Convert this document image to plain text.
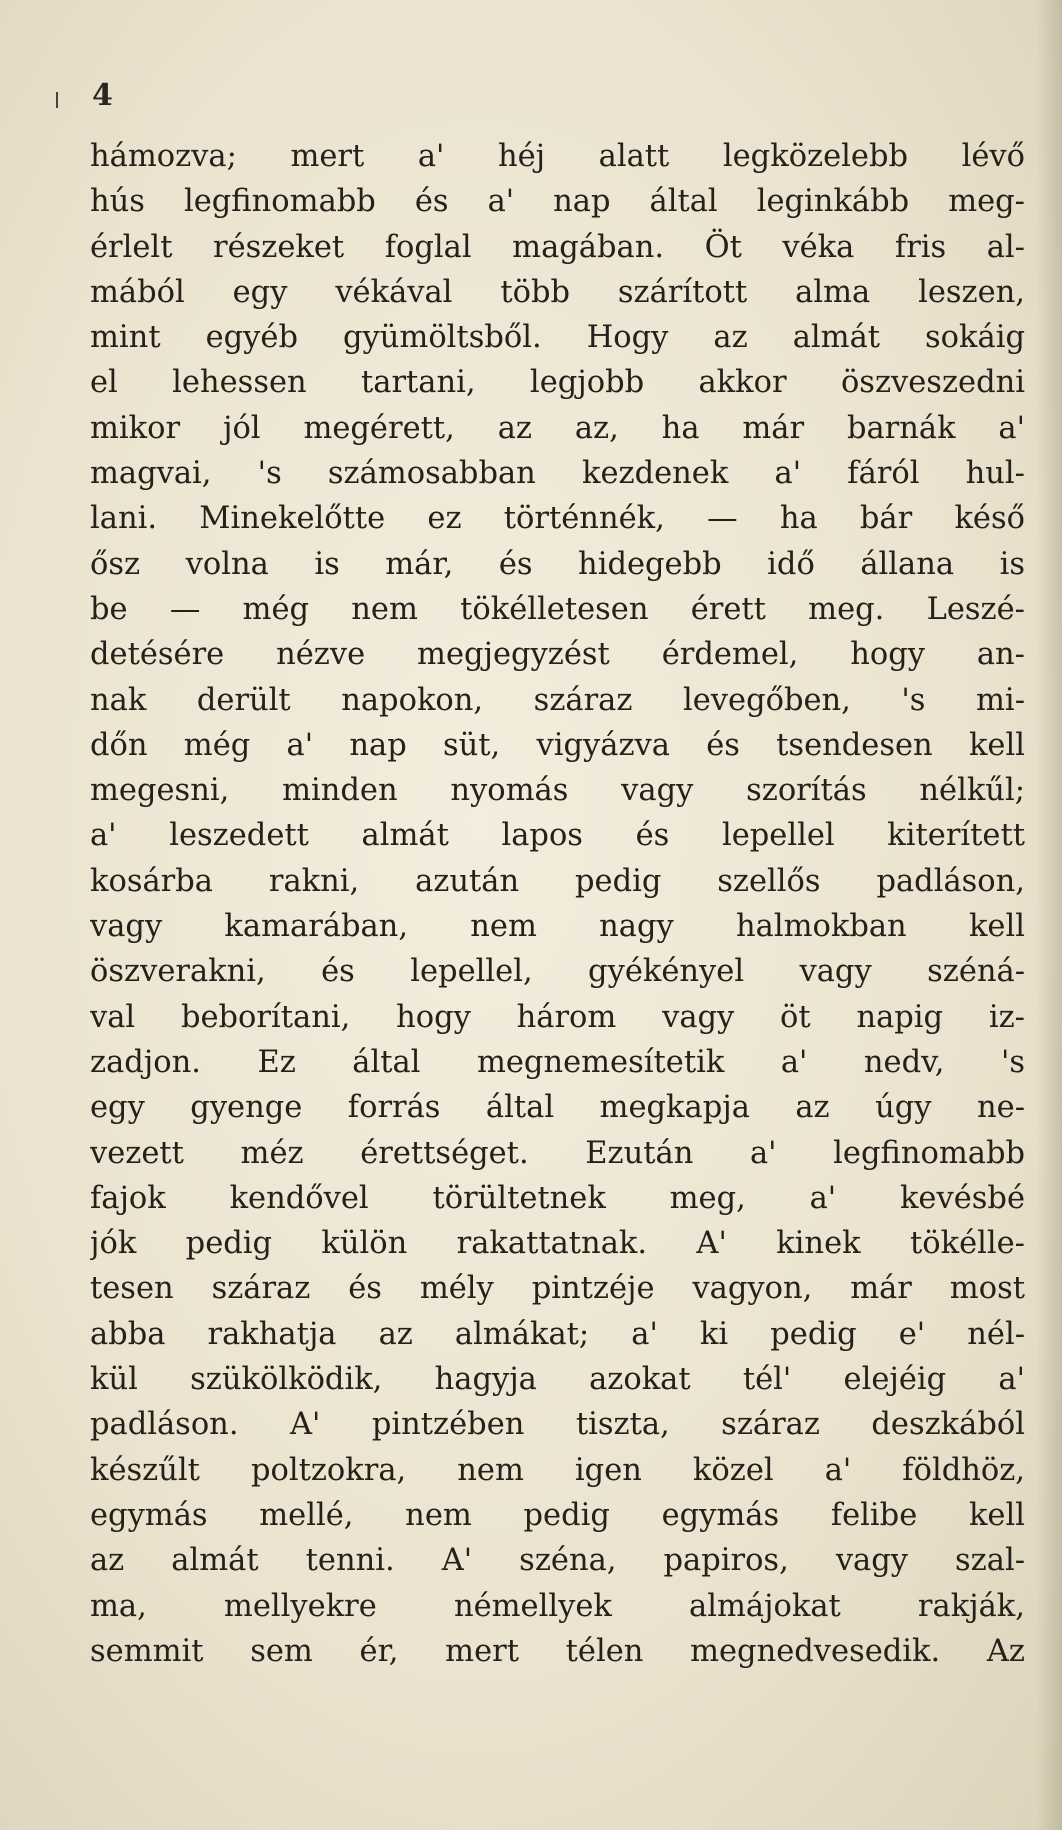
4
hámozva; mert a' héj alatt legközelebb lévő
hús legfinomabb és a' nap által leginkább meg-
érlelt részeket foglal magában. Öt véka fris al-
mából egy vékával több szárított alma leszen,
mint egyéb gyümöltsből. Hogy az almát sokáig
el lehessen tartani, legjobb akkor öszveszedni
mikor jól megérett, az az, ha már barnák a'
magvai, 's számosabban kezdenek a' fáról hul-
lani. Minekelőtte ez történnék, — ha bár késő
ősz volna is már, és hidegebb idő állana is
be — még nem tökélletesen érett meg. Leszé-
detésére nézve megjegyzést érdemel, hogy an-
nak derült napokon, száraz levegőben, 's mi-
dőn még a' nap süt, vigyázva és tsendesen kell
megesni, minden nyomás vagy szorítás nélkűl;
a' leszedett almát lapos és lepellel kiterített
kosárba rakni, azután pedig szellős padláson,
vagy kamarában, nem nagy halmokban kell
öszverakni, és lepellel, gyékényel vagy széná-
val beborítani, hogy három vagy öt napig iz-
zadjon. Ez által megnemesítetik a' nedv, 's
egy gyenge forrás által megkapja az úgy ne-
vezett méz érettséget. Ezután a' legfinomabb
fajok kendővel törültetnek meg, a' kevésbé
jók pedig külön rakattatnak. A' kinek tökélle-
tesen száraz és mély pintzéje vagyon, már most
abba rakhatja az almákat; a' ki pedig e' nél-
kül szükölködik, hagyja azokat tél' elejéig a'
padláson. A' pintzében tiszta, száraz deszkából
készűlt poltzokra, nem igen közel a' földhöz,
egymás mellé, nem pedig egymás felibe kell
az almát tenni. A' széna, papiros, vagy szal-
ma, mellyekre némellyek almájokat rakják,
semmit sem ér, mert télen megnedvesedik. Az
